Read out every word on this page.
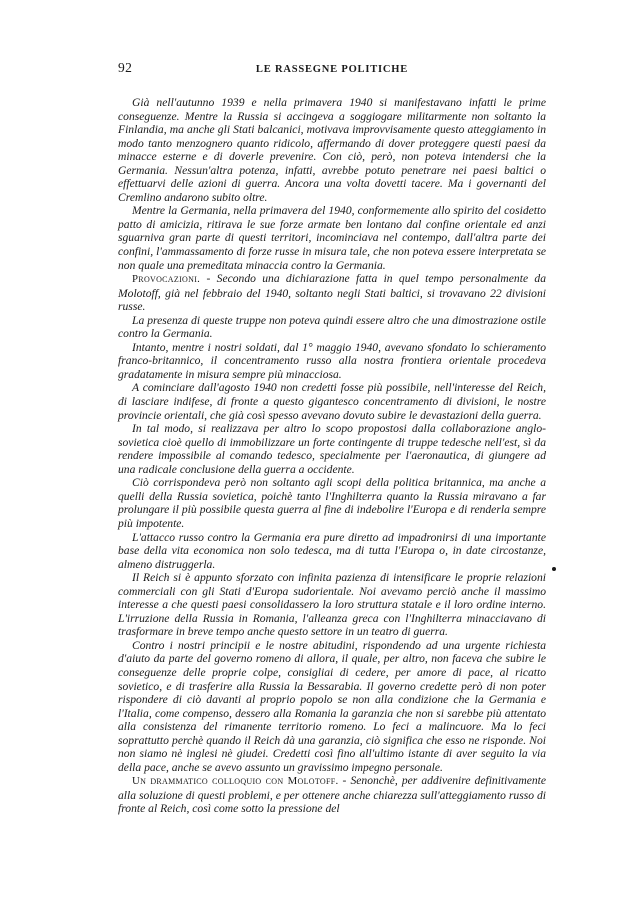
92	LE RASSEGNE POLITICHE

Già nell'autunno 1939 e nella primavera 1940 si manifestavano infatti le prime conseguenze. Mentre la Russia si accingeva a soggiogare militarmente non soltanto la Finlandia, ma anche gli Stati balcanici, motivava improvvisamente questo atteggiamento in modo tanto menzognero quanto ridicolo, affermando di dover proteggere questi paesi da minacce esterne e di doverle prevenire. Con ciò, però, non poteva intendersi che la Germania. Nessun'altra potenza, infatti, avrebbe potuto penetrare nei paesi baltici o effettuarvi delle azioni di guerra. Ancora una volta dovetti tacere. Ma i governanti del Cremlino andarono subito oltre.

Mentre la Germania, nella primavera del 1940, conformemente allo spirito del cosidetto patto di amicizia, ritirava le sue forze armate ben lontano dal confine orientale ed anzi sguarniva gran parte di questi territori, incominciava nel contempo, dall'altra parte dei confini, l'ammassamento di forze russe in misura tale, che non poteva essere interpretata se non quale una premeditata minaccia contro la Germania.

Provocazioni. - Secondo una dichiarazione fatta in quel tempo personalmente da Molotoff, già nel febbraio del 1940, soltanto negli Stati baltici, si trovavano 22 divisioni russe.

La presenza di queste truppe non poteva quindi essere altro che una dimostrazione ostile contro la Germania.

Intanto, mentre i nostri soldati, dal 1° maggio 1940, avevano sfondato lo schieramento franco-britannico, il concentramento russo alla nostra frontiera orientale procedeva gradatamente in misura sempre più minacciosa.

A cominciare dall'agosto 1940 non credetti fosse più possibile, nell'interesse del Reich, di lasciare indifese, di fronte a questo gigantesco concentramento di divisioni, le nostre provincie orientali, che già così spesso avevano dovuto subire le devastazioni della guerra.

In tal modo, si realizzava per altro lo scopo propostosi dalla collaborazione anglo-sovietica cioè quello di immobilizzare un forte contingente di truppe tedesche nell'est, sì da rendere impossibile al comando tedesco, specialmente per l'aeronautica, di giungere ad una radicale conclusione della guerra a occidente.

Ciò corrispondeva però non soltanto agli scopi della politica britannica, ma anche a quelli della Russia sovietica, poichè tanto l'Inghilterra quanto la Russia miravano a far prolungare il più possibile questa guerra al fine di indebolire l'Europa e di renderla sempre più impotente.

L'attacco russo contro la Germania era pure diretto ad impadronirsi di una importante base della vita economica non solo tedesca, ma di tutta l'Europa o, in date circostanze, almeno distruggerla.

Il Reich si è appunto sforzato con infinita pazienza di intensificare le proprie relazioni commerciali con gli Stati d'Europa sudorientale. Noi avevamo perciò anche il massimo interesse a che questi paesi consolidassero la loro struttura statale e il loro ordine interno. L'irruzione della Russia in Romania, l'alleanza greca con l'Inghilterra minacciavano di trasformare in breve tempo anche questo settore in un teatro di guerra.

Contro i nostri principii e le nostre abitudini, rispondendo ad una urgente richiesta d'aiuto da parte del governo romeno di allora, il quale, per altro, non faceva che subire le conseguenze delle proprie colpe, consigliai di cedere, per amore di pace, al ricatto sovietico, e di trasferire alla Russia la Bessarabia. Il governo credette però di non poter rispondere di ciò davanti al proprio popolo se non alla condizione che la Germania e l'Italia, come compenso, dessero alla Romania la garanzia che non si sarebbe più attentato alla consistenza del rimanente territorio romeno. Lo feci a malincuore. Ma lo feci soprattutto perchè quando il Reich dà una garanzia, ciò significa che esso ne risponde. Noi non siamo nè inglesi nè giudei. Credetti così fino all'ultimo istante di aver seguito la via della pace, anche se avevo assunto un gravissimo impegno personale.

Un drammatico colloquio con Molotoff. - Senonchè, per addivenire definitivamente alla soluzione di questi problemi, e per ottenere anche chiarezza sull'atteggiamento russo di fronte al Reich, così come sotto la pressione del
